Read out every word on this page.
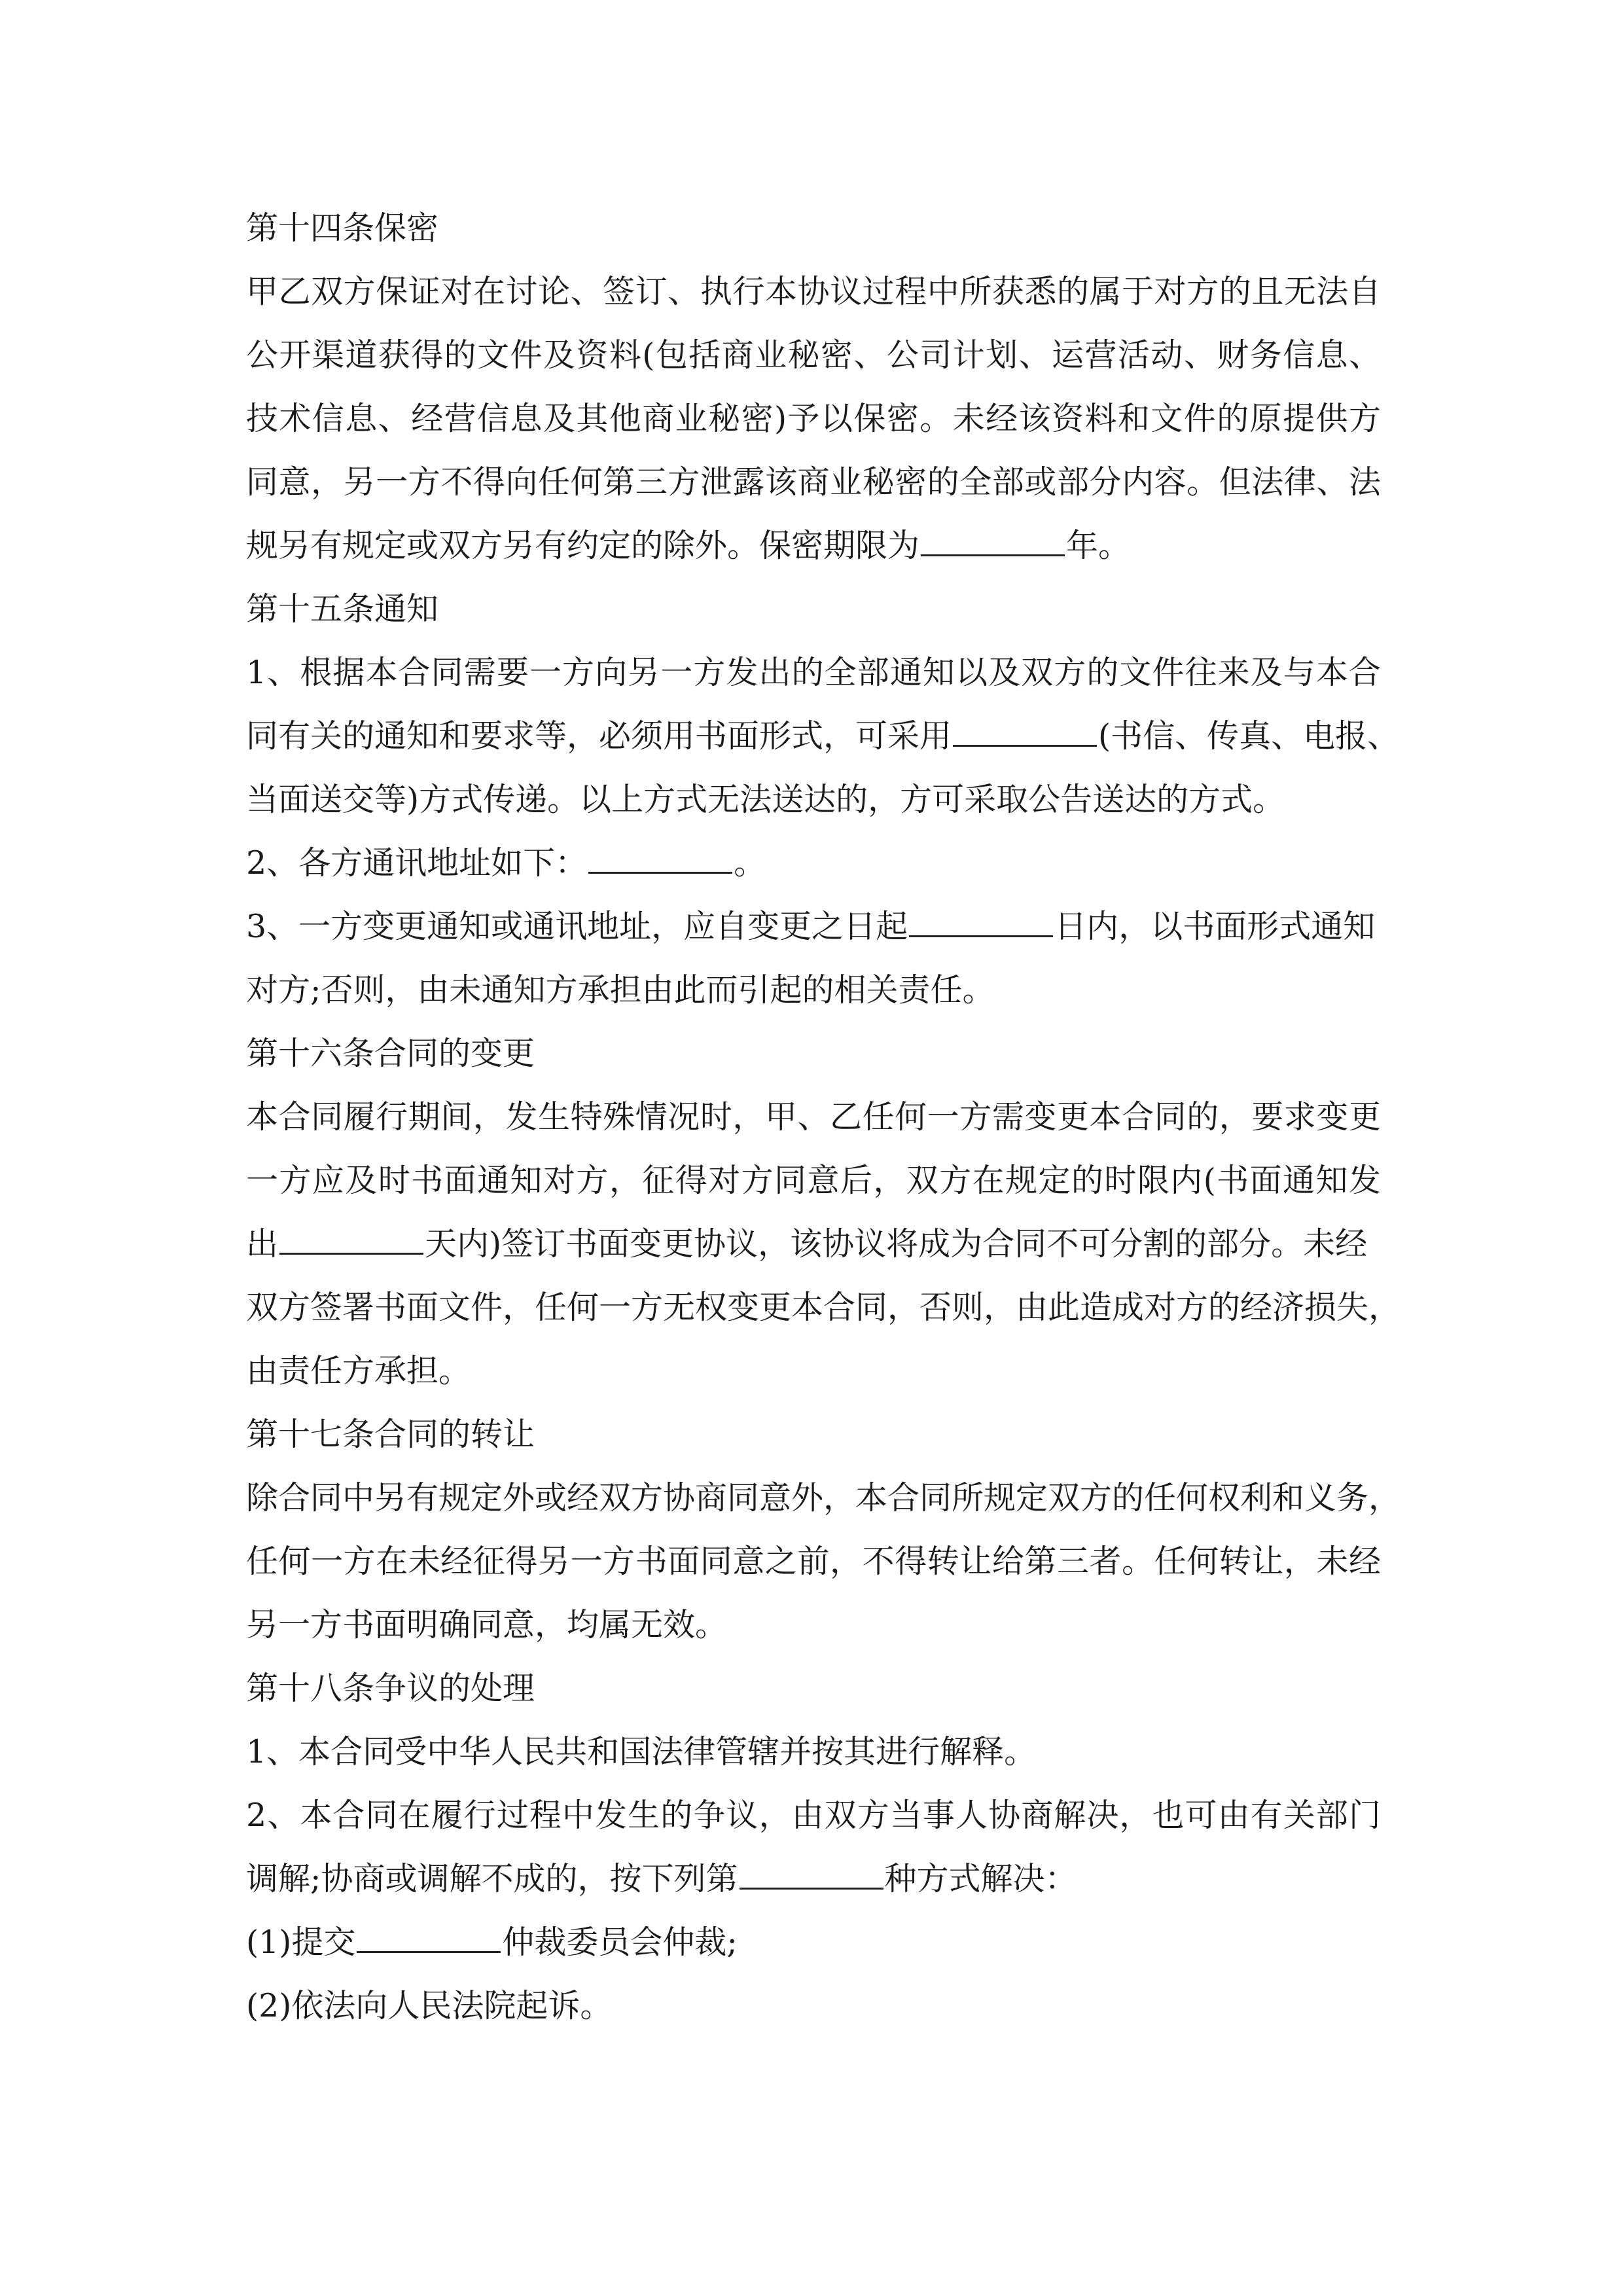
第十四条保密
甲乙双方保证对在讨论、签订、执行本协议过程中所获悉的属于对方的且无法自
公开渠道获得的文件及资料(包括商业秘密、公司计划、运营活动、财务信息、
技术信息、经营信息及其他商业秘密)予以保密。未经该资料和文件的原提供方
同意，另一方不得向任何第三方泄露该商业秘密的全部或部分内容。但法律、法
规另有规定或双方另有约定的除外。保密期限为	年。
第十五条通知
1、根据本合同需要一方向另一方发出的全部通知以及双方的文件往来及与本合
同有关的通知和要求等，必须用书面形式，可采用	(书信、传真、电报、
当面送交等)方式传递。以上方式无法送达的，方可采取公告送达的方式。
2、各方通讯地址如下：	。
3、一方变更通知或通讯地址，应自变更之日起	日内，以书面形式通知
对方;否则，由未通知方承担由此而引起的相关责任。
第十六条合同的变更
本合同履行期间，发生特殊情况时，甲、乙任何一方需变更本合同的，要求变更
一方应及时书面通知对方，征得对方同意后，双方在规定的时限内(书面通知发
出	天内)签订书面变更协议，该协议将成为合同不可分割的部分。未经
双方签署书面文件，任何一方无权变更本合同，否则，由此造成对方的经济损失，
由责任方承担。
第十七条合同的转让
除合同中另有规定外或经双方协商同意外，本合同所规定双方的任何权利和义务，
任何一方在未经征得另一方书面同意之前，不得转让给第三者。任何转让，未经
另一方书面明确同意，均属无效。
第十八条争议的处理
1、本合同受中华人民共和国法律管辖并按其进行解释。
2、本合同在履行过程中发生的争议，由双方当事人协商解决，也可由有关部门
调解;协商或调解不成的，按下列第	种方式解决：
(1)提交	仲裁委员会仲裁;
(2)依法向人民法院起诉。
